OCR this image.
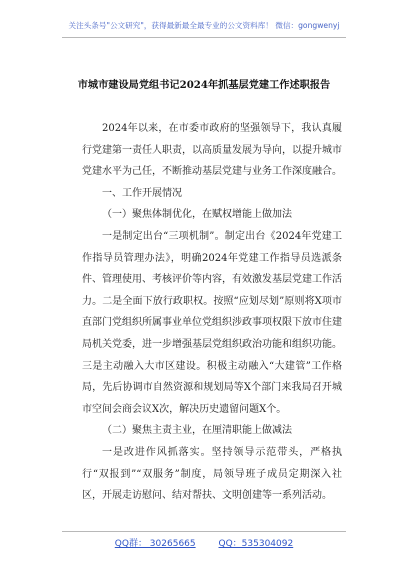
关注头条号"公文研究"，获得最新最全最专业的公文资料库！ 微信：gongwenyj
市城市建设局党组书记2024年抓基层党建工作述职报告

2024年以来，在市委市政府的坚强领导下，我认真履行党建第一责任人职责，以高质量发展为导向，以提升城市党建水平为己任，不断推动基层党建与业务工作深度融合。

一、工作开展情况

（一）聚焦体制优化，在赋权增能上做加法

一是制定出台“三项机制”。制定出台《2024年党建工作指导员管理办法》，明确2024年党建工作指导员选派条件、管理使用、考核评价等内容，有效激发基层党建工作活力。二是全面下放行政职权。按照“应划尽划”原则将X项市直部门党组织所属事业单位党组织涉政事项权限下放市住建局机关党委，进一步增强基层党组织政治功能和组织功能。三是主动融入大市区建设。积极主动融入“大建管”工作格局，先后协调市自然资源和规划局等X个部门来我局召开城市空间会商会议X次，解决历史遗留问题X个。

（二）聚焦主责主业，在厘清职能上做减法

一是改进作风抓落实。坚持领导示范带头，严格执行“双报到”“双服务”制度，局领导班子成员定期深入社区，开展走访慰问、结对帮扶、文明创建等一系列活动。

QQ群： 30265665	QQ：535304092
